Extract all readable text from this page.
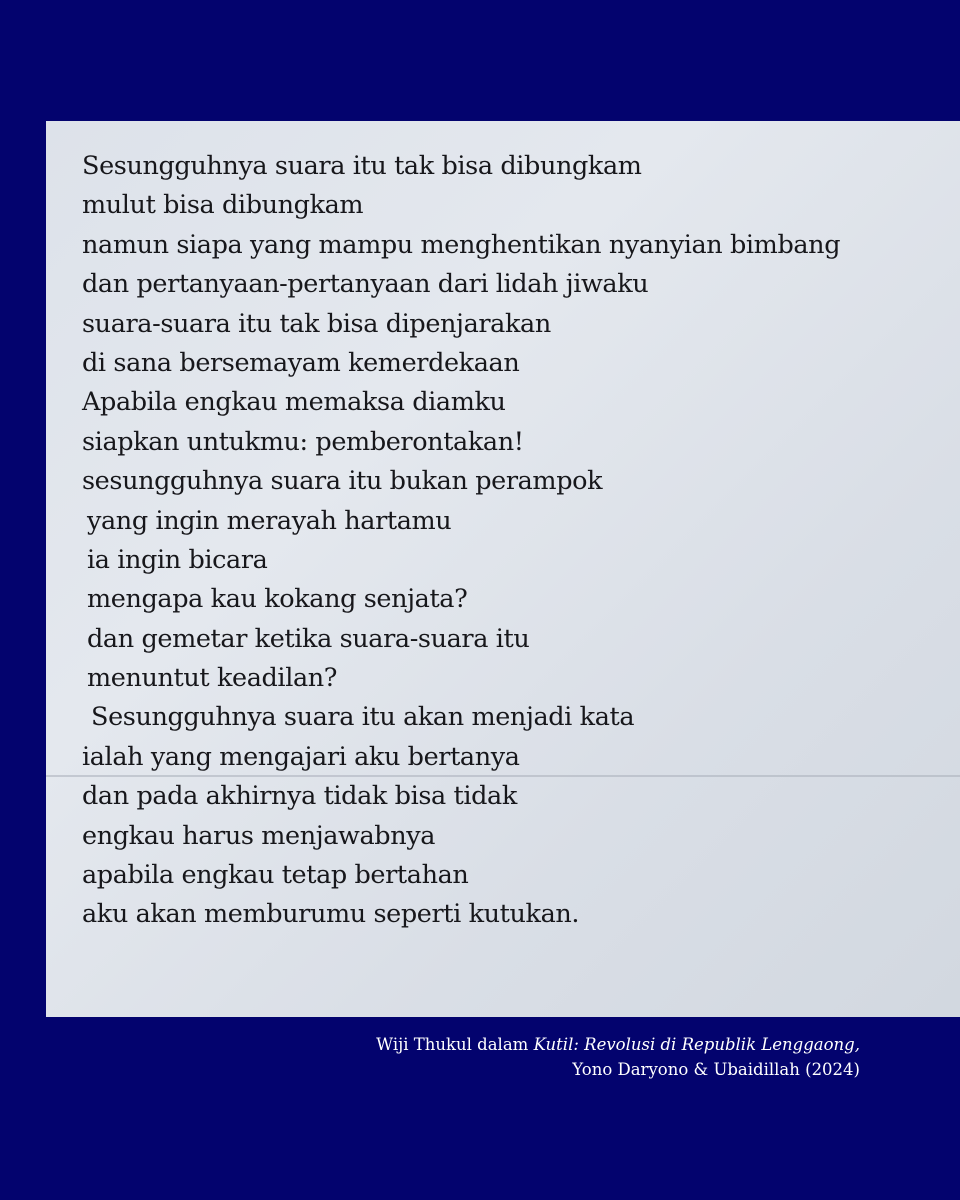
Sesungguhnya suara itu tak bisa dibungkam
mulut bisa dibungkam
namun siapa yang mampu menghentikan nyanyian bimbang
dan pertanyaan-pertanyaan dari lidah jiwaku
suara-suara itu tak bisa dipenjarakan
di sana bersemayam kemerdekaan
Apabila engkau memaksa diamku
siapkan untukmu: pemberontakan!
sesungguhnya suara itu bukan perampok
yang ingin merayah hartamu
ia ingin bicara
mengapa kau kokang senjata?
dan gemetar ketika suara-suara itu
menuntut keadilan?
Sesungguhnya suara itu akan menjadi kata
ialah yang mengajari aku bertanya
dan pada akhirnya tidak bisa tidak
engkau harus menjawabnya
apabila engkau tetap bertahan
aku akan memburumu seperti kutukan.
Wiji Thukul dalam Kutil: Revolusi di Republik Lenggaong,
Yono Daryono & Ubaidillah (2024)
